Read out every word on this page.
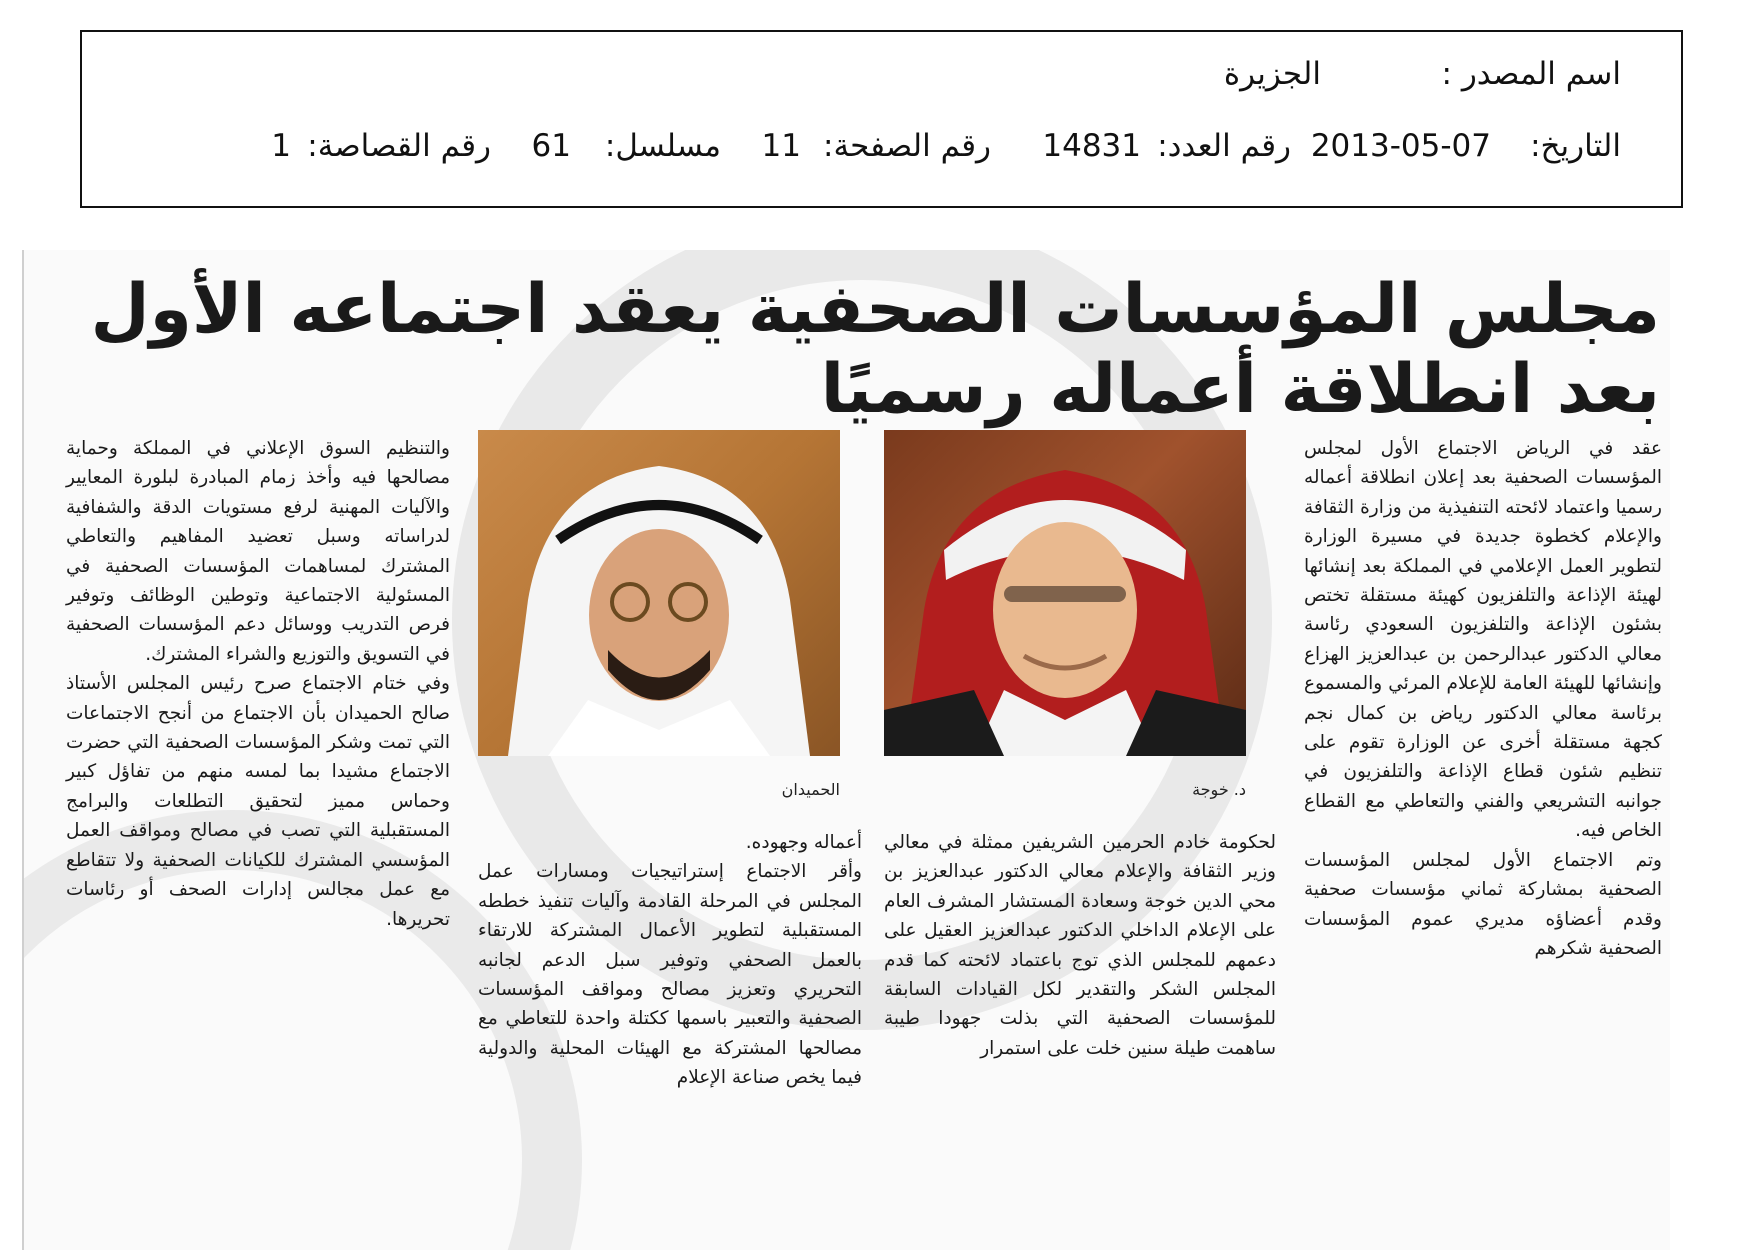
اسم المصدر :
الجزيرة
التاريخ:
2013-05-07
رقم العدد:
14831
رقم الصفحة:
11
مسلسل:
61
رقم القصاصة:
1
مجلس المؤسسات الصحفية يعقد اجتماعه الأول
بعد انطلاقة أعماله رسميًا

عقد في الرياض الاجتماع الأول لمجلس المؤسسات الصحفية بعد إعلان انطلاقة أعماله رسميا واعتماد لائحته التنفيذية من وزارة الثقافة والإعلام كخطوة جديدة في مسيرة الوزارة لتطوير العمل الإعلامي في المملكة بعد إنشائها لهيئة الإذاعة والتلفزيون كهيئة مستقلة تختص بشئون الإذاعة والتلفزيون السعودي رئاسة معالي الدكتور عبدالرحمن بن عبدالعزيز الهزاع وإنشائها للهيئة العامة للإعلام المرئي والمسموع برئاسة معالي الدكتور رياض بن كمال نجم كجهة مستقلة أخرى عن الوزارة تقوم على تنظيم شئون قطاع الإذاعة والتلفزيون في جوانبه التشريعي والفني والتعاطي مع القطاع الخاص فيه.

وتم الاجتماع الأول لمجلس المؤسسات الصحفية بمشاركة ثماني مؤسسات صحفية وقدم أعضاؤه مديري عموم المؤسسات الصحفية شكرهم

د. خوجة
الحميدان

لحكومة خادم الحرمين الشريفين ممثلة في معالي وزير الثقافة والإعلام معالي الدكتور عبدالعزيز بن محي الدين خوجة وسعادة المستشار المشرف العام على الإعلام الداخلي الدكتور عبدالعزيز العقيل على دعمهم للمجلس الذي توج باعتماد لائحته كما قدم المجلس الشكر والتقدير لكل القيادات السابقة للمؤسسات الصحفية التي بذلت جهودا طيبة ساهمت طيلة سنين خلت على استمرار

أعماله وجهوده.

وأقر الاجتماع إستراتيجيات ومسارات عمل المجلس في المرحلة القادمة وآليات تنفيذ خططه المستقبلية لتطوير الأعمال المشتركة للارتقاء بالعمل الصحفي وتوفير سبل الدعم لجانبه التحريري وتعزيز مصالح ومواقف المؤسسات الصحفية والتعبير باسمها ككتلة واحدة للتعاطي مع مصالحها المشتركة مع الهيئات المحلية والدولية فيما يخص صناعة الإعلام

والتنظيم السوق الإعلاني في المملكة وحماية مصالحها فيه وأخذ زمام المبادرة لبلورة المعايير والآليات المهنية لرفع مستويات الدقة والشفافية لدراساته وسبل تعضيد المفاهيم والتعاطي المشترك لمساهمات المؤسسات الصحفية في المسئولية الاجتماعية وتوطين الوظائف وتوفير فرص التدريب ووسائل دعم المؤسسات الصحفية في التسويق والتوزيع والشراء المشترك.

وفي ختام الاجتماع صرح رئيس المجلس الأستاذ صالح الحميدان بأن الاجتماع من أنجح الاجتماعات التي تمت وشكر المؤسسات الصحفية التي حضرت الاجتماع مشيدا بما لمسه منهم من تفاؤل كبير وحماس مميز لتحقيق التطلعات والبرامج المستقبلية التي تصب في مصالح ومواقف العمل المؤسسي المشترك للكيانات الصحفية ولا تتقاطع مع عمل مجالس إدارات الصحف أو رئاسات تحريرها.
